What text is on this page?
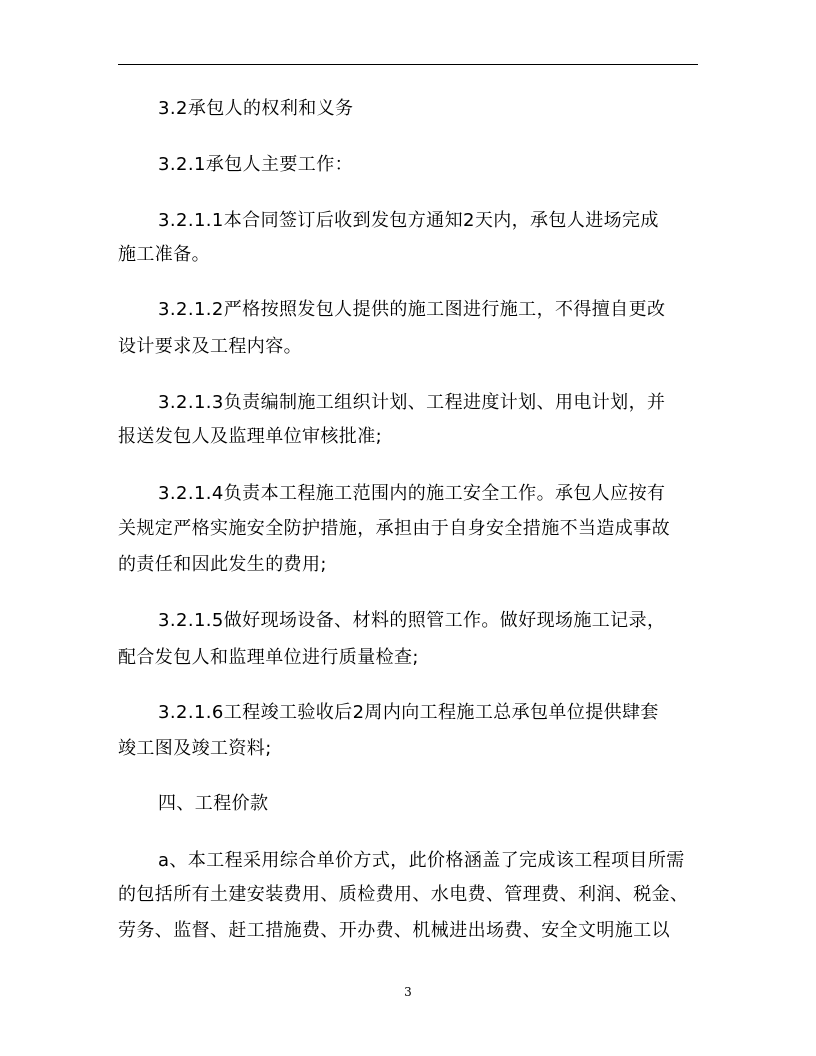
3.2承包人的权利和义务
3.2.1承包人主要工作：
3.2.1.1本合同签订后收到发包方通知2天内，承包人进场完成
施工准备。
3.2.1.2严格按照发包人提供的施工图进行施工，不得擅自更改
设计要求及工程内容。
3.2.1.3负责编制施工组织计划、工程进度计划、用电计划，并
报送发包人及监理单位审核批准;
3.2.1.4负责本工程施工范围内的施工安全工作。承包人应按有
关规定严格实施安全防护措施，承担由于自身安全措施不当造成事故
的责任和因此发生的费用;
3.2.1.5做好现场设备、材料的照管工作。做好现场施工记录，
配合发包人和监理单位进行质量检查;
3.2.1.6工程竣工验收后2周内向工程施工总承包单位提供肆套
竣工图及竣工资料;
四、工程价款
a、本工程采用综合单价方式，此价格涵盖了完成该工程项目所需
的包括所有土建安装费用、质检费用、水电费、管理费、利润、税金、
劳务、监督、赶工措施费、开办费、机械进出场费、安全文明施工以
3
